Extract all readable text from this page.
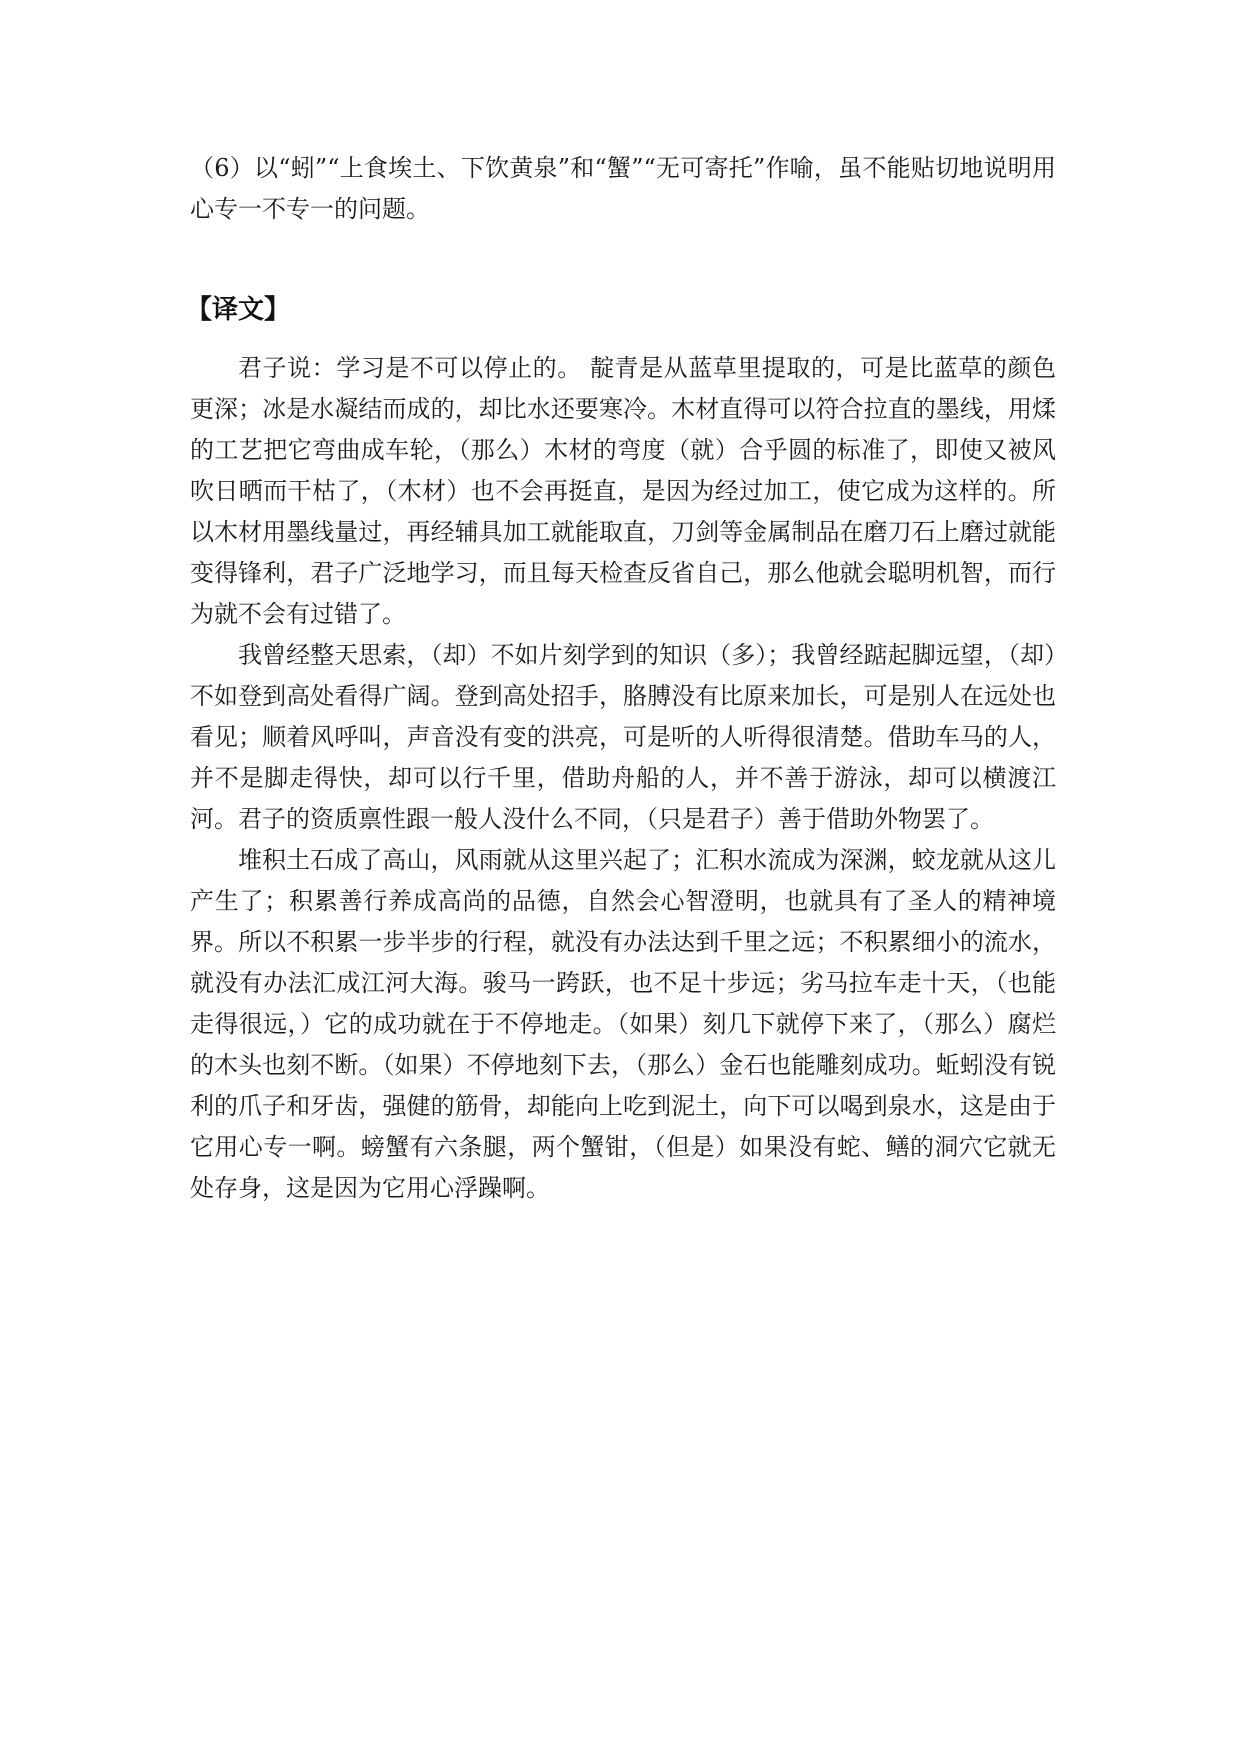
（6）以“蚓”“上食埃土、下饮黄泉”和“蟹”“无可寄托”作喻，虽不能贴切地说明用心专一不专一的问题。

【译文】

君子说：学习是不可以停止的。 靛青是从蓝草里提取的，可是比蓝草的颜色更深；冰是水凝结而成的，却比水还要寒冷。木材直得可以符合拉直的墨线，用煣的工艺把它弯曲成车轮，（那么）木材的弯度（就）合乎圆的标准了，即使又被风吹日晒而干枯了，（木材）也不会再挺直，是因为经过加工，使它成为这样的。所以木材用墨线量过，再经辅具加工就能取直，刀剑等金属制品在磨刀石上磨过就能变得锋利，君子广泛地学习，而且每天检查反省自己，那么他就会聪明机智，而行为就不会有过错了。

我曾经整天思索，（却）不如片刻学到的知识（多）；我曾经踮起脚远望，（却）不如登到高处看得广阔。登到高处招手，胳膊没有比原来加长，可是别人在远处也看见；顺着风呼叫，声音没有变的洪亮，可是听的人听得很清楚。借助车马的人，并不是脚走得快，却可以行千里，借助舟船的人，并不善于游泳，却可以横渡江河。君子的资质禀性跟一般人没什么不同，（只是君子）善于借助外物罢了。

堆积土石成了高山，风雨就从这里兴起了；汇积水流成为深渊，蛟龙就从这儿产生了；积累善行养成高尚的品德，自然会心智澄明，也就具有了圣人的精神境界。所以不积累一步半步的行程，就没有办法达到千里之远；不积累细小的流水，就没有办法汇成江河大海。骏马一跨跃，也不足十步远；劣马拉车走十天，（也能走得很远，）它的成功就在于不停地走。（如果）刻几下就停下来了，（那么）腐烂的木头也刻不断。（如果）不停地刻下去，（那么）金石也能雕刻成功。蚯蚓没有锐利的爪子和牙齿，强健的筋骨，却能向上吃到泥土，向下可以喝到泉水，这是由于它用心专一啊。螃蟹有六条腿，两个蟹钳，（但是）如果没有蛇、鳝的洞穴它就无处存身，这是因为它用心浮躁啊。
